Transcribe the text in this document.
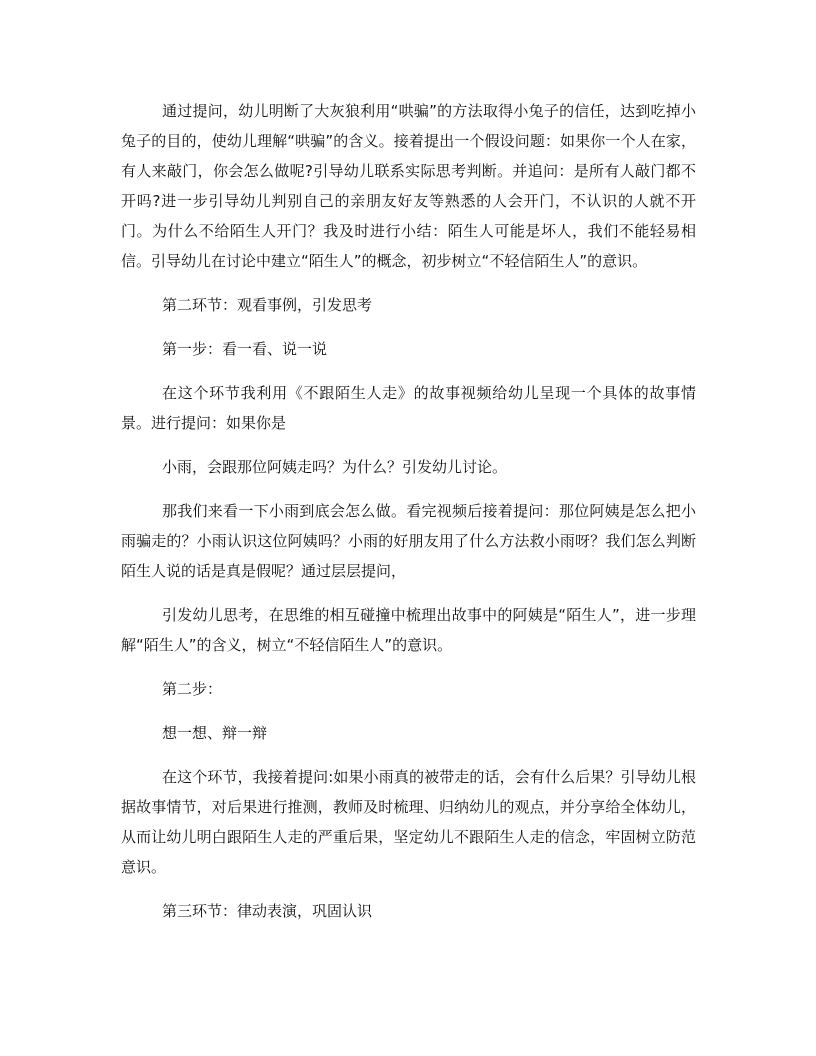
通过提问，幼儿明断了大灰狼利用“哄骗”的方法取得小兔子的信任，达到吃掉小兔子的目的，使幼儿理解“哄骗”的含义。接着提出一个假设问题：如果你一个人在家，有人来敲门，你会怎么做呢?引导幼儿联系实际思考判断。并追问：是所有人敲门都不开吗?进一步引导幼儿判别自己的亲朋友好友等熟悉的人会开门，不认识的人就不开门。为什么不给陌生人开门？我及时进行小结：陌生人可能是坏人，我们不能轻易相信。引导幼儿在讨论中建立“陌生人”的概念，初步树立“不轻信陌生人”的意识。

第二环节：观看事例，引发思考

第一步：看一看、说一说

在这个环节我利用《不跟陌生人走》的故事视频给幼儿呈现一个具体的故事情景。进行提问：如果你是

小雨，会跟那位阿姨走吗？为什么？引发幼儿讨论。

那我们来看一下小雨到底会怎么做。看完视频后接着提问：那位阿姨是怎么把小雨骗走的？小雨认识这位阿姨吗？小雨的好朋友用了什么方法救小雨呀？我们怎么判断陌生人说的话是真是假呢？通过层层提问，

引发幼儿思考，在思维的相互碰撞中梳理出故事中的阿姨是“陌生人”，进一步理解“陌生人”的含义，树立“不轻信陌生人”的意识。

第二步：

想一想、辩一辩

在这个环节，我接着提问:如果小雨真的被带走的话，会有什么后果？引导幼儿根据故事情节，对后果进行推测，教师及时梳理、归纳幼儿的观点，并分享给全体幼儿，从而让幼儿明白跟陌生人走的严重后果，坚定幼儿不跟陌生人走的信念，牢固树立防范意识。

第三环节：律动表演，巩固认识
